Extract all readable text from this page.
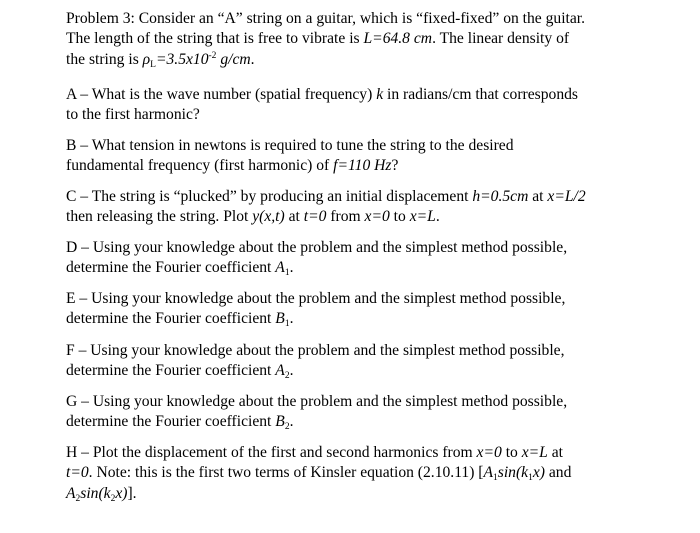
Problem 3: Consider an “A” string on a guitar, which is “fixed-fixed” on the guitar.
The length of the string that is free to vibrate is L=64.8 cm. The linear density of
the string is $\rho_L=3.5x10^{-2}$ g/cm.

A – What is the wave number (spatial frequency) k in radians/cm that corresponds
to the first harmonic?

B – What tension in newtons is required to tune the string to the desired
fundamental frequency (first harmonic) of f=110 Hz?

C – The string is “plucked” by producing an initial displacement h=0.5cm at x=L/2
then releasing the string. Plot y(x,t) at t=0 from x=0 to x=L.

D – Using your knowledge about the problem and the simplest method possible,
determine the Fourier coefficient $A_1$.

E – Using your knowledge about the problem and the simplest method possible,
determine the Fourier coefficient $B_1$.

F – Using your knowledge about the problem and the simplest method possible,
determine the Fourier coefficient $A_2$.

G – Using your knowledge about the problem and the simplest method possible,
determine the Fourier coefficient $B_2$.

H – Plot the displacement of the first and second harmonics from x=0 to x=L at
t=0. Note: this is the first two terms of Kinsler equation (2.10.11) [$A_1\sin(k_1x)$ and
$A_2\sin(k_2x)$].
